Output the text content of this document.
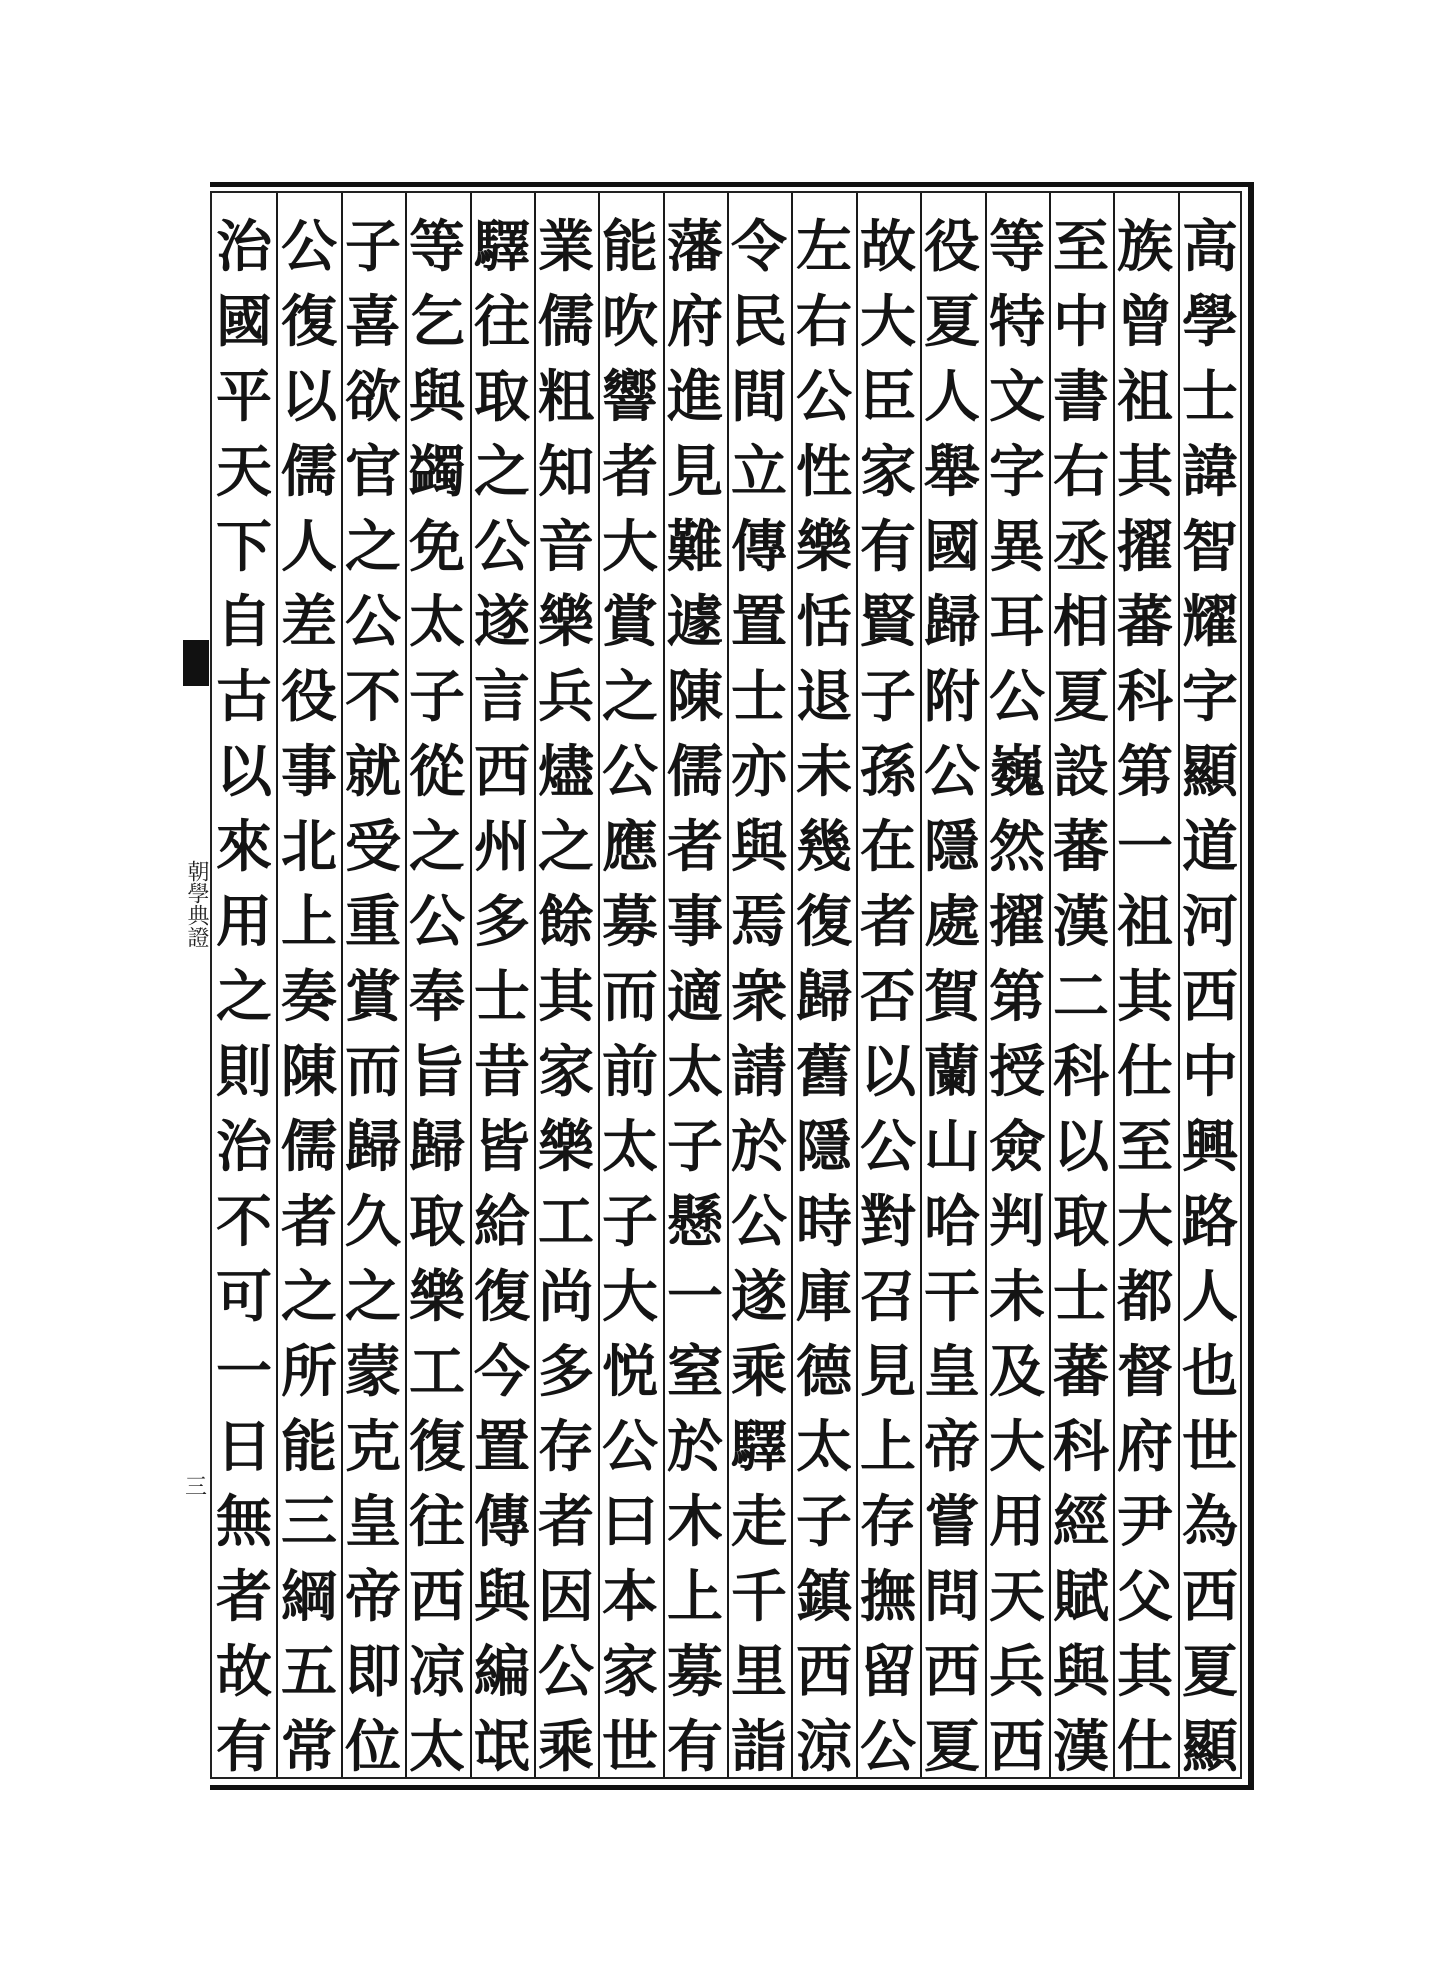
朝學典證
三
高
學
士
諱
智
耀
字
顯
道
河
西
中
興
路
人
也
世
為
西
夏
顯
族
曾
祖
其
擢
蕃
科
第
一
祖
其
仕
至
大
都
督
府
尹
父
其
仕
至
中
書
右
丞
相
夏
設
蕃
漢
二
科
以
取
士
蕃
科
經
賦
與
漢
等
特
文
字
異
耳
公
巍
然
擢
第
授
僉
判
未
及
大
用
天
兵
西
役
夏
人
舉
國
歸
附
公
隱
處
賀
蘭
山
哈
干
皇
帝
嘗
問
西
夏
故
大
臣
家
有
賢
子
孫
在
者
否
以
公
對
召
見
上
存
撫
留
公
左
右
公
性
樂
恬
退
未
幾
復
歸
舊
隱
時
庫
德
太
子
鎮
西
涼
令
民
間
立
傳
置
士
亦
與
焉
衆
請
於
公
遂
乘
驛
走
千
里
詣
藩
府
進
見
難
遽
陳
儒
者
事
適
太
子
懸
一
窒
於
木
上
募
有
能
吹
響
者
大
賞
之
公
應
募
而
前
太
子
大
悦
公
曰
本
家
世
業
儒
粗
知
音
樂
兵
燼
之
餘
其
家
樂
工
尚
多
存
者
因
公
乘
驛
往
取
之
公
遂
言
西
州
多
士
昔
皆
給
復
今
置
傳
與
編
氓
等
乞
與
蠲
免
太
子
從
之
公
奉
旨
歸
取
樂
工
復
往
西
凉
太
子
喜
欲
官
之
公
不
就
受
重
賞
而
歸
久
之
蒙
克
皇
帝
即
位
公
復
以
儒
人
差
役
事
北
上
奏
陳
儒
者
之
所
能
三
綱
五
常
治
國
平
天
下
自
古
以
來
用
之
則
治
不
可
一
日
無
者
故
有
